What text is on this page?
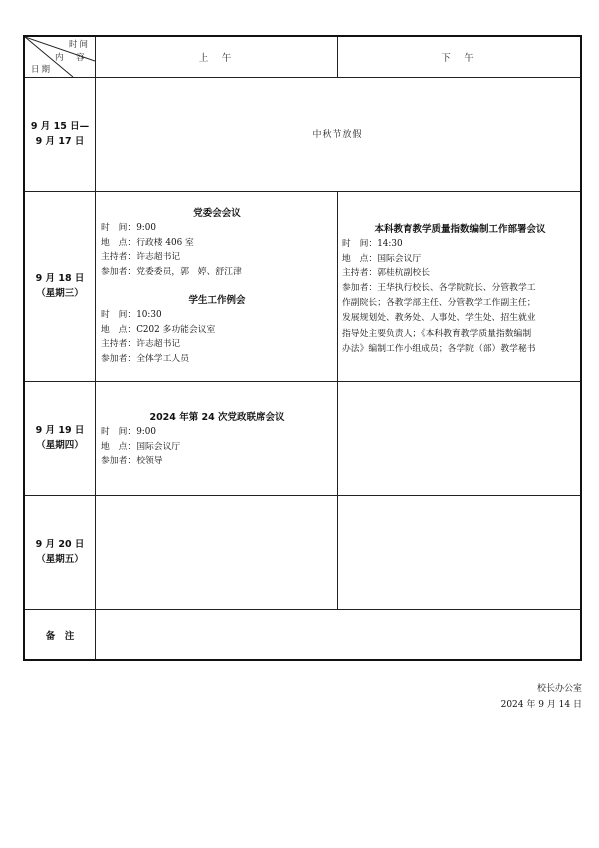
时间
内　容
日期
上　午	下　午
9 月 15 日—
9 月 17 日
中秋节放假
9 月 18 日
（星期三）
党委会会议
时　间：9:00
地　点：行政楼 406 室
主持者：许志超书记
参加者：党委委员，郭　婷、舒江津
学生工作例会
时　间：10:30
地　点：C202 多功能会议室
主持者：许志超书记
参加者：全体学工人员
本科教育教学质量指数编制工作部署会议
时　间：14:30
地　点：国际会议厅
主持者：郭桂杭副校长
参加者：王华执行校长、各学院院长、分管教学工
作副院长；各教学部主任、分管教学工作副主任；
发展规划处、教务处、人事处、学生处、招生就业
指导处主要负责人；《本科教育教学质量指数编制
办法》编制工作小组成员；各学院（部）教学秘书
9 月 19 日
（星期四）
2024 年第 24 次党政联席会议
时　间：9:00
地　点：国际会议厅
参加者：校领导
9 月 20 日
（星期五）
备　注
校长办公室
2024 年 9 月 14 日
